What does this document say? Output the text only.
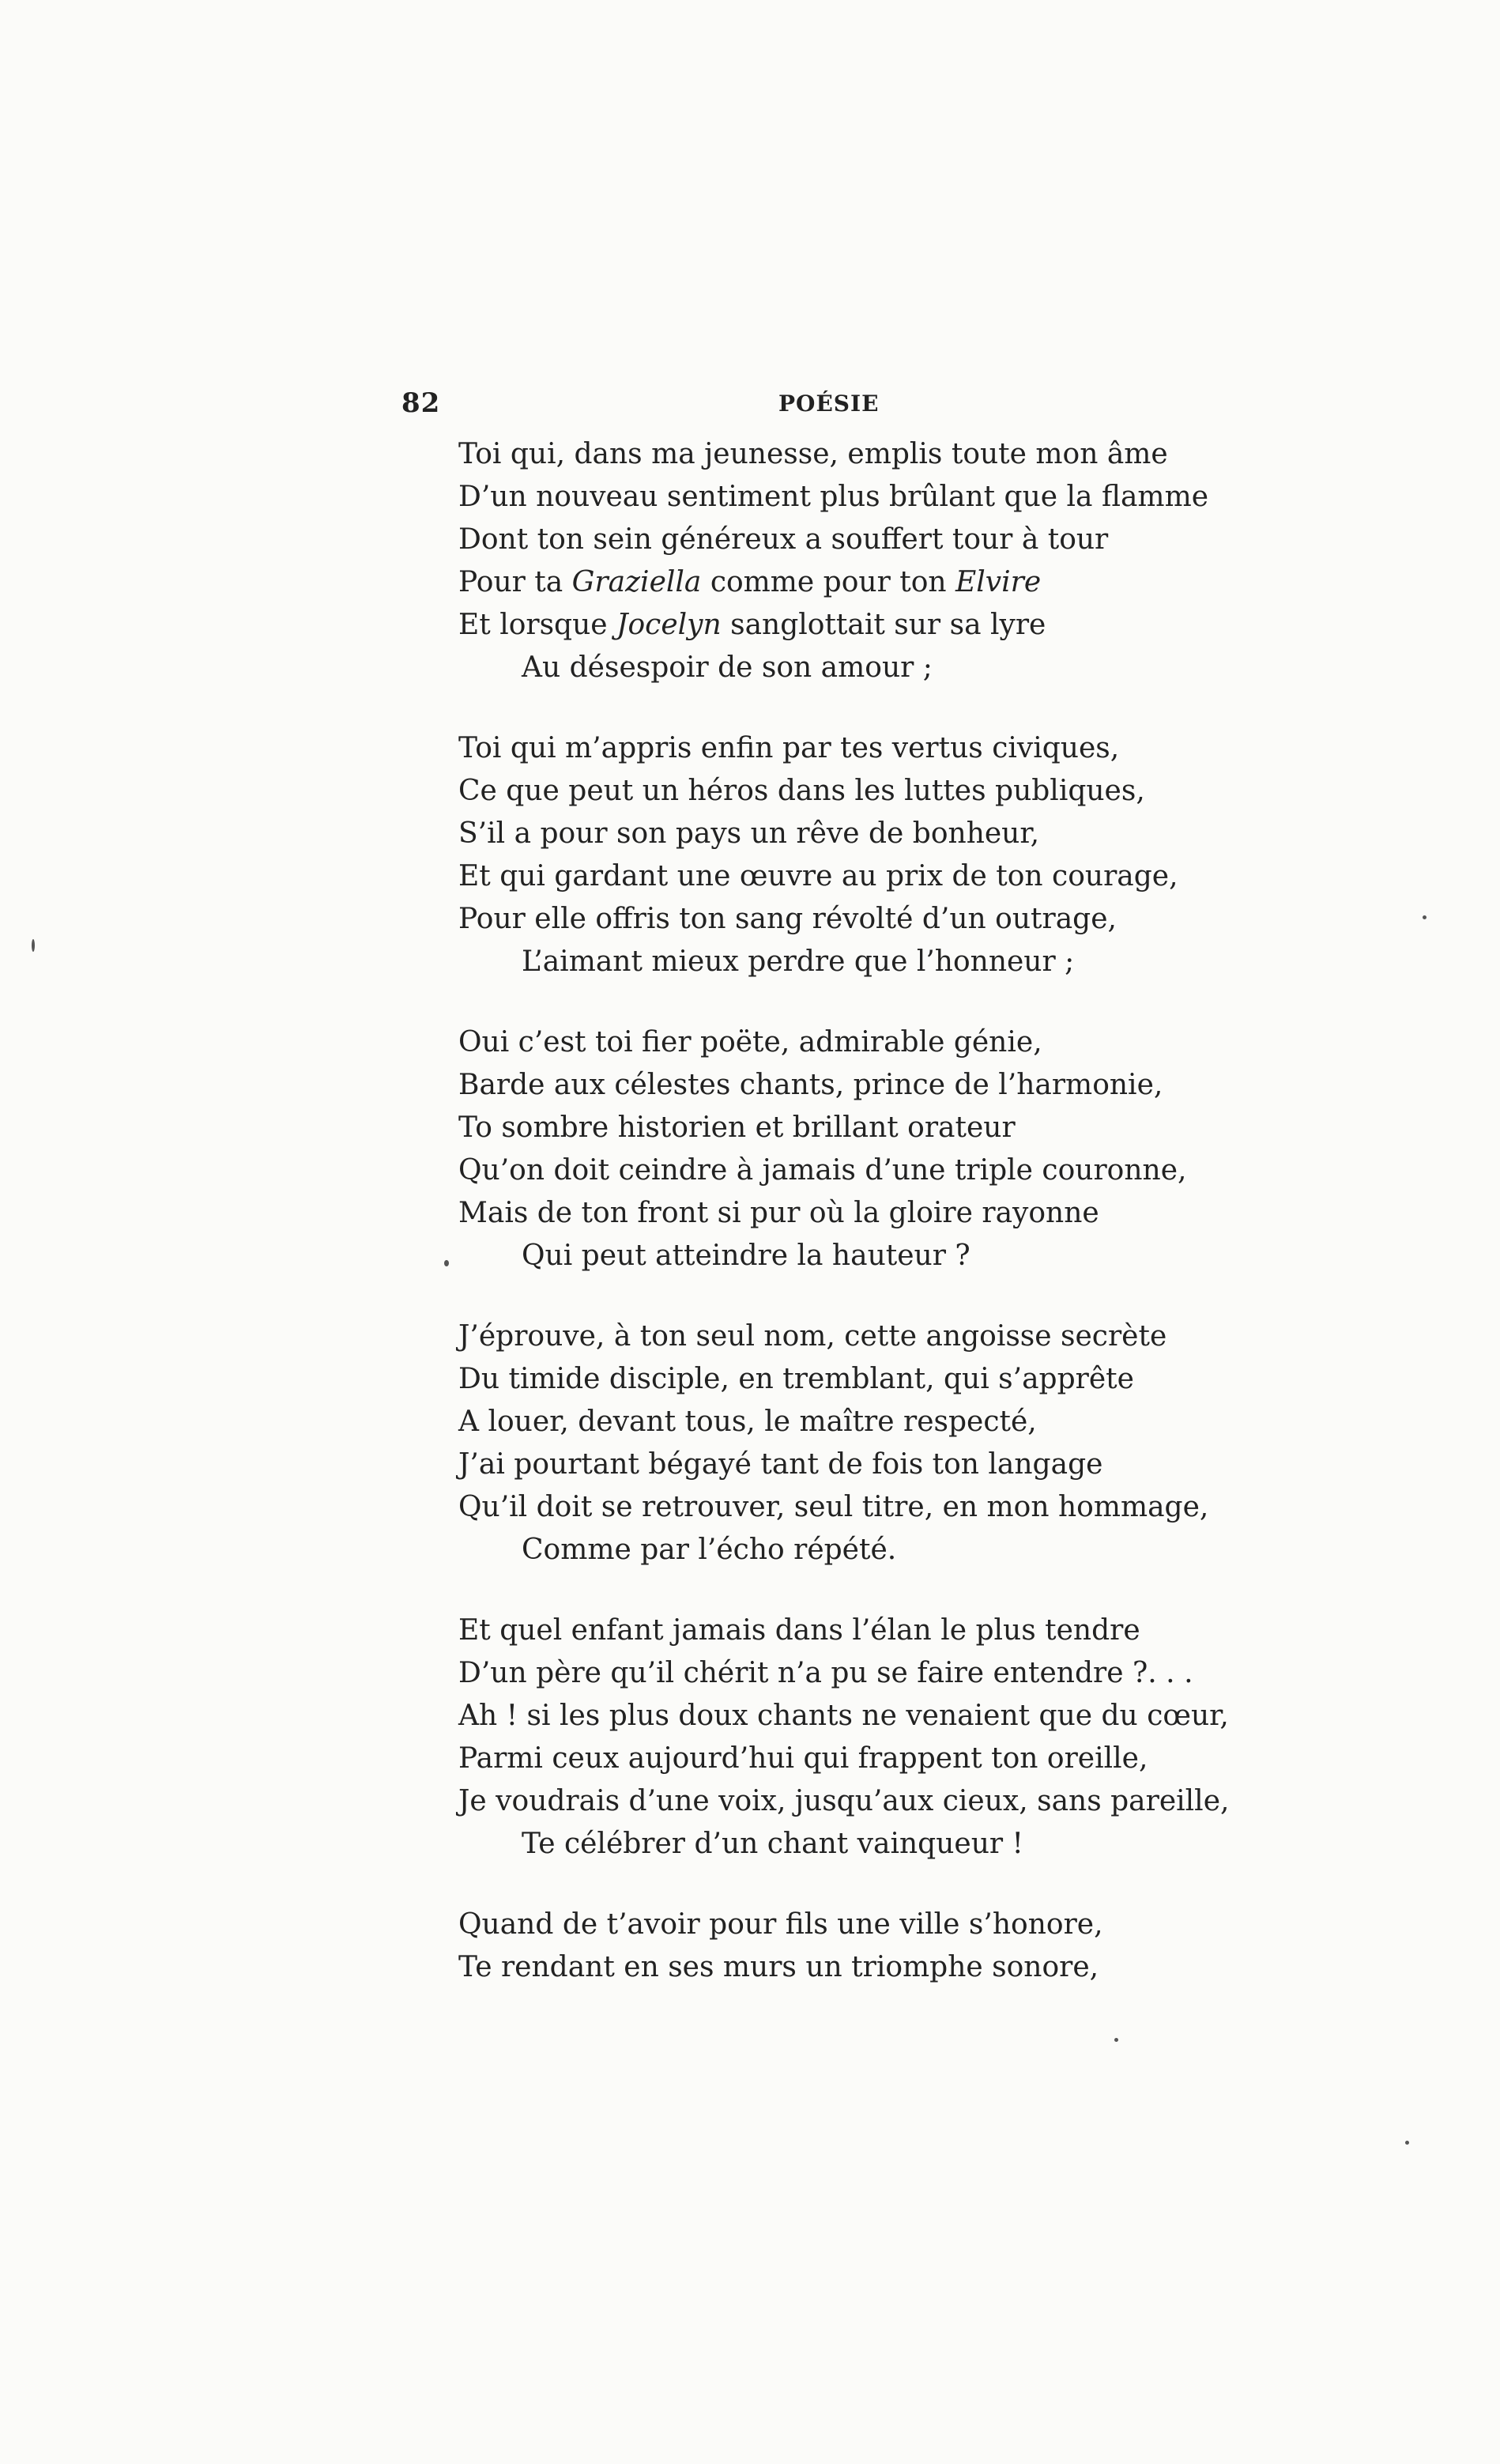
82	POÉSIE
Toi qui, dans ma jeunesse, emplis toute mon âme
D’un nouveau sentiment plus brûlant que la flamme
Dont ton sein généreux a souffert tour à tour
Pour ta Graziella comme pour ton Elvire
Et lorsque Jocelyn sanglottait sur sa lyre
Au désespoir de son amour ;
Toi qui m’appris enfin par tes vertus civiques,
Ce que peut un héros dans les luttes publiques,
S’il a pour son pays un rêve de bonheur,
Et qui gardant une œuvre au prix de ton courage,
Pour elle offris ton sang révolté d’un outrage,
L’aimant mieux perdre que l’honneur ;
Oui c’est toi fier poëte, admirable génie,
Barde aux célestes chants, prince de l’harmonie,
To sombre historien et brillant orateur
Qu’on doit ceindre à jamais d’une triple couronne,
Mais de ton front si pur où la gloire rayonne
Qui peut atteindre la hauteur ?
J’éprouve, à ton seul nom, cette angoisse secrète
Du timide disciple, en tremblant, qui s’apprête
A louer, devant tous, le maître respecté,
J’ai pourtant bégayé tant de fois ton langage
Qu’il doit se retrouver, seul titre, en mon hommage,
Comme par l’écho répété.
Et quel enfant jamais dans l’élan le plus tendre
D’un père qu’il chérit n’a pu se faire entendre ?. . .
Ah ! si les plus doux chants ne venaient que du cœur,
Parmi ceux aujourd’hui qui frappent ton oreille,
Je voudrais d’une voix, jusqu’aux cieux, sans pareille,
Te célébrer d’un chant vainqueur !
Quand de t’avoir pour fils une ville s’honore,
Te rendant en ses murs un triomphe sonore,
